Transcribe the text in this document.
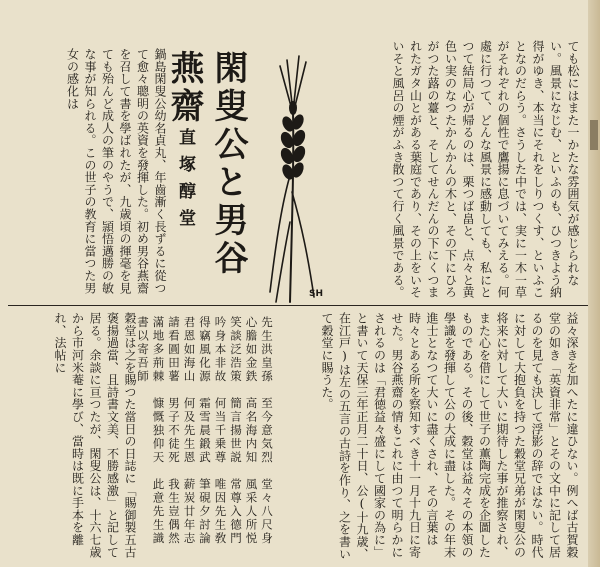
ても松にはまた一かたな雰囲気が感じられない。風景になじむ、といふのも、ひつきよう納得がゆき、本当にそれをしりつくす、といふことなのだらう。さうした中では、実に一木一草がそれぞれの個性で鷹揚に息づいてみえる。何處に行つて、どんな風景に感動しても、私にとつて結局心が帰るのは、栗つば畠と、点々と黄色い実のなつたかんかんの木と、その下にひろがつた蕗の薹と、そしてせんだんの下にくつまれたガタ山とがある葉庭であり、その上をいそいそと風呂の煙がふき散つて行く風景である。
SH
閑叟公と男谷燕齋
直塚醇堂
鍋島閑叟公幼名貞丸、年齒漸く長ずるに從つて愈々聰明の英資を發揮した。初め男谷燕齋を召して書を學ばれたが、九歳頃の揮毫を見ても殆んど成人の筆のやうで、頴悟邁勝の敏な事が知られる。この世子の教育に當つた男女の感化は
益々深きを加へたに違ひない。例へば古賀穀堂の如き「英資非常」とその文中に記して居るのを見ても決して浮影の辞ではない。時代に対して大抱負を持つた穀堂兄弟が閑叟公の将来に対して大いに期待した事が推察され、また心を借にして世子の薫陶完成を企圖したものである。その後、穀堂は益々その本領の學識を發揮して公の大成に盡した。その年末進士となつて大いに盡くされ、その言葉は時々とある所を察知すべき十一月十九日に寄せた。男谷燕齋の情もこれに由つて明らかにされるのは「君徳益々盛にして國家の為に」と書いて天保三年正月二十日、公(十九歳、在江戸)は左の五言の古詩を作り、之を書いて穀堂に賜うた。
先生洪皇孫　至今意気烈　堂々八尺身　心膽如金鉄　高名海内知　風采人所悦　笑談泛浩策　簡言揚世説　常尊入德門　吟身本非故　何当千乗尊　唯因先生敎　得竊風化源　霜雪晨鍛武　筆硯夕討論　君恩如海山　何及先生恩　薪炭廿年志　請看圓田薯　男子不徒死　我生豈偶然　滿地多荊棘　慷慨独仰天　此意先生識　書以寄吾師
穀堂は之を賜つた當日の日誌に「賜御製五古褒揚過當、且詩書文美、不勝感激」と記して居る。余談に亘つたが、閑叟公は、十六七歳から市河米菴に學び、當時は既に手本を離れ、法帖に
